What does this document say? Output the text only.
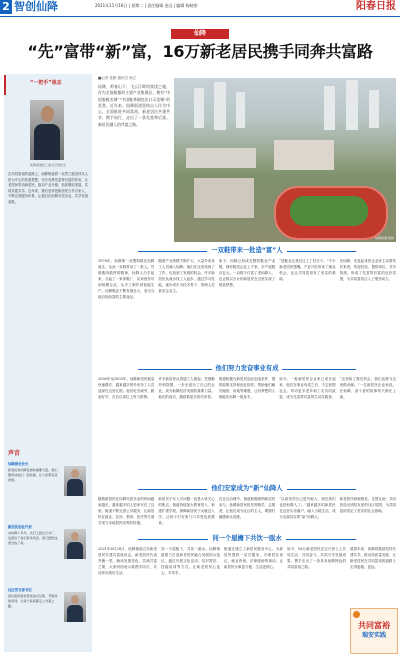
2 智创仙降	2021年11月16日 | 星期二 | 责任编辑 金远 | 编辑 杨晓彤	阳春日报
仙降
“先”富带“新”富，16万新老居民携手同奔共富路
“一把手”谈志
仙降街道党工委书记周先生
在共同富裕的道路上，仙降街道将一以贯之地坚持以人民为中心的发展思想，充分发挥先富带后富的作用，让老居民带动新居民，推动产业升级、拓宽增收渠道，实现共建共享。近年来，我们坚持把新居民当作自家人，不断完善服务体系，让他们在仙降安居乐业，共享发展成果。
声音
仙降商会会长
新居民是仙降发展的重要力量，我们要带动他们一起致富，让大家都有获得感。
新居民创业代表
来仙降十多年，从打工到自己办厂，这里给了我们很多机会，我已经把这里当成了家。
社区党支部书记
我们组织新老居民结对互助，开展技能培训，让每个家庭都走上共富之路。
■记者 张颖 通讯员 徐立
仙降，鸡春山下、飞云江畔的富饶之地，作为全国鞋都的主要产业集聚区，拥有“中国胶鞋名城”“中国鞋革箱包出口示范城”的美誉。近年来，仙降街道坚持以人民为中心，全面推进共同富裕，新老居民共建共享、携手同行，走出了一条先富带后富、新居民融入的共富之路。
仙降街道 航拍
一双鞋带来一批造“富”人
1978年，仙降第一双塑料鞋在仙降诞生，从此一双鞋带动了一批人。凭借敢闯敢拼的精神，仙降人白手起家，办起了一家家鞋厂，从家庭作坊到规模企业，从手工制作到智能生产，仙降鞋业不断发展壮大，成为当地百姓致富的主要途径。
随着产业规模不断扩大，大量外来务工人员涌入仙降。他们在这里找到了工作，也找到了发展的机会。许多新居民从流水线工人起步，通过学习技能，逐步成长为技术骨干、管理人员甚至企业主。
如今，仙降已形成完整的鞋业产业链，拥有鞋类企业上千家，年产值数百亿元。一双鞋不仅富了老仙降人，也让数以万计的新居民在这里实现了财富梦想。
“是鞋业让我们过上了好日子。”不少新老居民感慨。产业兴旺带来了就业机会，也让共同富裕有了坚实的基础。
在仙降，先富起来的企业家主动帮扶后来者，传授经验、提供岗位、共享资源，形成了先富带后富的良好氛围，为共同富裕注入了强劲动力。
他们努力发奋事业有成
2000年至2003年，仙降新居民数量快速增长，越来越多的外来务工人员选择在这里扎根。他们吃苦耐劳、勤奋好学，在各自岗位上努力拼搏。
许多新居民从普通工人做起，凭借勤劳和智慧，一步步创办了自己的企业，成为仙降经济发展的重要力量。他们的成功，激励着更多的后来者。
街道积极为新居民创业创造条件，提供政策支持和创业指导，帮助他们解决融资、用地等难题，让有梦想的人都能在仙降一展身手。
如今，一批新居民企业家已成长起来，他们在事业有成之后，不忘回馈社会，带动更多老乡和工友共同致富，成为先富带后富的生动实践者。
“这里给了我们机会，我们也要为这里做贡献。”一位新居民企业家说。在仙降，奋斗者的故事每天都在上演。
他们安家成为“新”仙降人
随着新居民在仙降安居乐业的时间越来越长，越来越多的人把家安在了这里。街道不断完善公共服务，让新居民在就业、住房、教育、医疗等方面享受与本地居民同等的待遇。
新居民子女入学问题一直是大家关心的焦点。街道持续加大教育投入，新建扩建学校，保障新居民子女就近入学，让孩子们在家门口享受优质教育。
在社区治理中，街道积极吸纳新居民参与，选聘新居民担任网格员、志愿者，让他们成为社区的主人，增强归属感和认同感。
“以前觉得自己是外地人，现在我们也是仙降人了。”越来越多的新居民在这里买房落户，融入当地生活，成为名副其实的“新”仙降人。
新老居民和睦相处、互帮互助，共同营造出团结友爱的社区氛围，为共同富裕奠定了坚实的社会基础。
同一个屋檐下共饮一瓯水
2021年6月28日，仙降街道召开新老居民共建共富座谈会，新老居民代表齐聚一堂，畅谈发展变化，共商共富之策，大家纷纷表示要携手同行，共同奔向美好生活。
同一个屋檐下，共饮一瓯水。仙降街道着力打造新老居民融合发展的示范区，通过开展文化活动、结对帮扶、技能培训等方式，让新老居民心连心、手牵手。
街道还建立了新居民服务中心，为新居民提供一站式服务，办理居住登记、就业咨询、法律援助等事项，让新居民办事更方便、生活更舒心。
如今，16万新老居民在这片热土上共同生活、共同奋斗、共同分享发展成果，携手走出了一条具有仙降特色的共同富裕之路。
展望未来，仙降将继续坚持共建共享，推动高质量发展，让新老居民在共同富裕的道路上走得更稳、更远。
共同富裕
瑞安实践
